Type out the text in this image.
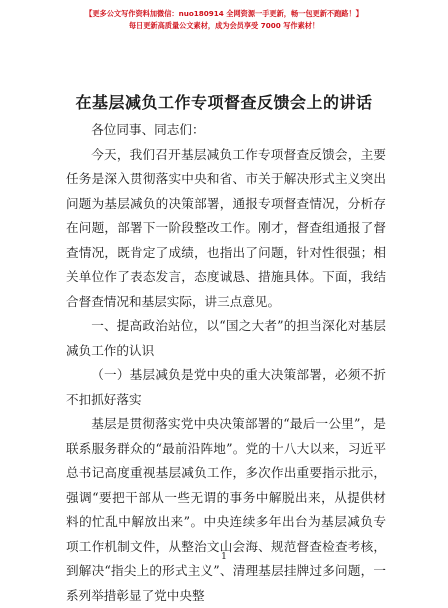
【更多公文写作资料加微信：nuo180914 全网资源一手更新，畅一包更新不跑路！】
每日更新高质量公文素材，成为会员享受 7000 写作素材！
在基层减负工作专项督查反馈会上的讲话

各位同事、同志们：

今天，我们召开基层减负工作专项督查反馈会，主要任务是深入贯彻落实中央和省、市关于解决形式主义突出问题为基层减负的决策部署，通报专项督查情况，分析存在问题，部署下一阶段整改工作。刚才，督查组通报了督查情况，既肯定了成绩，也指出了问题，针对性很强；相关单位作了表态发言，态度诚恳、措施具体。下面，我结合督查情况和基层实际，讲三点意见。

一、提高政治站位，以“国之大者”的担当深化对基层减负工作的认识

（一）基层减负是党中央的重大决策部署，必须不折不扣抓好落实

基层是贯彻落实党中央决策部署的“最后一公里”，是联系服务群众的“最前沿阵地”。党的十八大以来，习近平总书记高度重视基层减负工作，多次作出重要指示批示，强调“要把干部从一些无谓的事务中解脱出来，从提供材料的忙乱中解放出来”。中央连续多年出台为基层减负专项工作机制文件，从整治文山会海、规范督查检查考核，到解决“指尖上的形式主义”、清理基层挂牌过多问题，一系列举措彰显了党中央整

1
